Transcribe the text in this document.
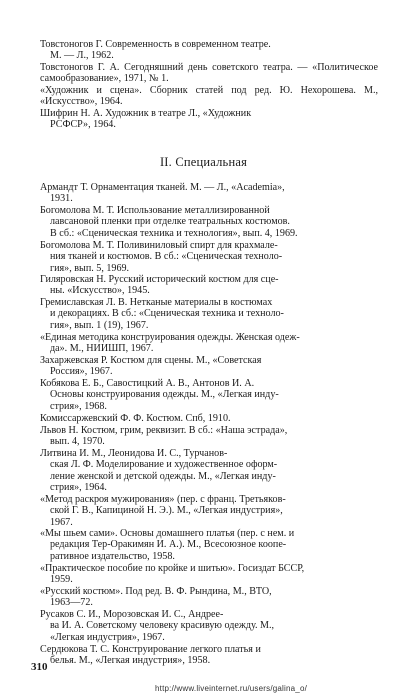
Товстоногов Г. Современность в современном театре.
М. — Л., 1962.
Товстоногов Г. А. Сегодняшний день советского театра. — «Политическое самообразование», 1971, № 1.
«Художник и сцена». Сборник статей под ред. Ю. Нехорошева. М., «Искусство», 1964.
Шифрин Н. А. Художник в театре Л., «Художник
РСФСР», 1964.
II. Специальная
Армандт Т. Орнаментация тканей. М. — Л., «Academia»,
1931.
Богомолова М. Т. Использование металлизированной
лавсановой пленки при отделке театральных костюмов.
В сб.: «Сценическая техника и технология», вып. 4, 1969.
Богомолова М. Т. Поливиниловый спирт для крахмале-
ния тканей и костюмов. В сб.: «Сценическая техноло-
гия», вып. 5, 1969.
Гиляровская Н. Русский исторический костюм для сце-
ны. «Искусство», 1945.
Гремиславская Л. В. Нетканые материалы в костюмах
и декорациях. В сб.: «Сценическая техника и техноло-
гия», вып. 1 (19), 1967.
«Единая методика конструирования одежды. Женская одеж-
да». М., НИИШП, 1967.
Захаржевская Р. Костюм для сцены. М., «Советская
Россия», 1967.
Кобякова Е. Б., Савостицкий А. В., Антонов И. А.
Основы конструирования одежды. М., «Легкая инду-
стрия», 1968.
Комиссаржевский Ф. Ф. Костюм. Спб, 1910.
Львов Н. Костюм, грим, реквизит. В сб.: «Наша эстрада»,
вып. 4, 1970.
Литвина И. М., Леонидова И. С., Турчанов-
ская Л. Ф. Моделирование и художественное оформ-
ление женской и детской одежды. М., «Легкая инду-
стрия», 1964.
«Метод раскроя мужирования» (пер. с франц. Третьяков-
ской Г. В., Капициной Н. Э.). М., «Легкая индустрия»,
1967.
«Мы шьем сами». Основы домашнего платья (пер. с нем. и
редакция Тер-Оракимян И. А.). М., Всесоюзное коопе-
ративное издательство, 1958.
«Практическое пособие по кройке и шитью». Госиздат БССР,
1959.
«Русский костюм». Под ред. В. Ф. Рындина, М., ВТО,
1963—72.
Русаков С. И., Морозовская И. С., Андрее-
ва И. А. Советскому человеку красивую одежду. М.,
«Легкая индустрия», 1967.
Сердюкова Т. С. Конструирование легкого платья и
белья. М., «Легкая индустрия», 1958.
310
http://www.liveinternet.ru/users/galina_o/
